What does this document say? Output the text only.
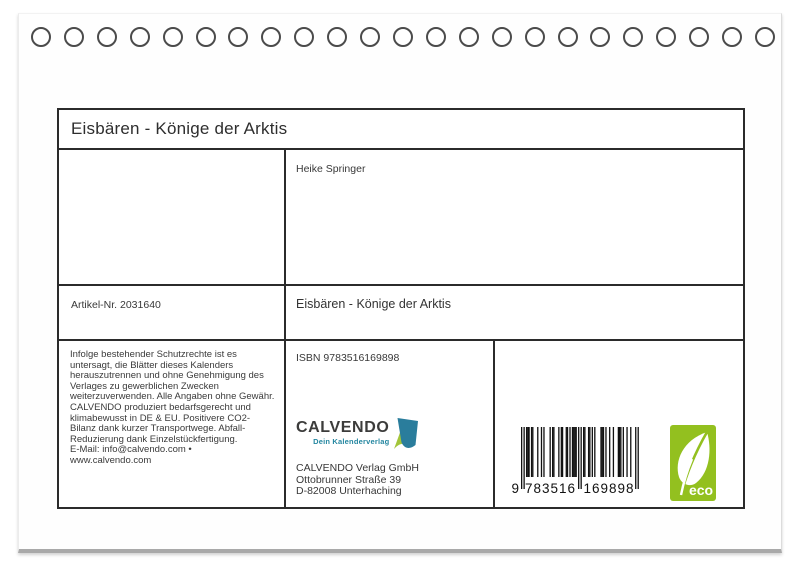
Eisbären - Könige der Arktis
Heike Springer
Artikel-Nr. 2031640	Eisbären - Könige der Arktis
Infolge bestehender Schutzrechte ist es untersagt, die Blätter dieses Kalenders herauszutrennen und ohne Genehmigung des Verlages zu gewerblichen Zwecken weiterzuverwenden. Alle Angaben ohne Gewähr.
CALVENDO produziert bedarfsgerecht und klimabewusst in DE & EU. Positivere CO2-Bilanz dank kurzer Transportwege. Abfall-Reduzierung dank Einzelstückfertigung.
E-Mail: info@calvendo.com •
www.calvendo.com
ISBN 9783516169898
CALVENDO
Dein Kalenderverlag
CALVENDO Verlag GmbH
Ottobrunner Straße 39
D-82008 Unterhaching	9 783516 169898	eco
